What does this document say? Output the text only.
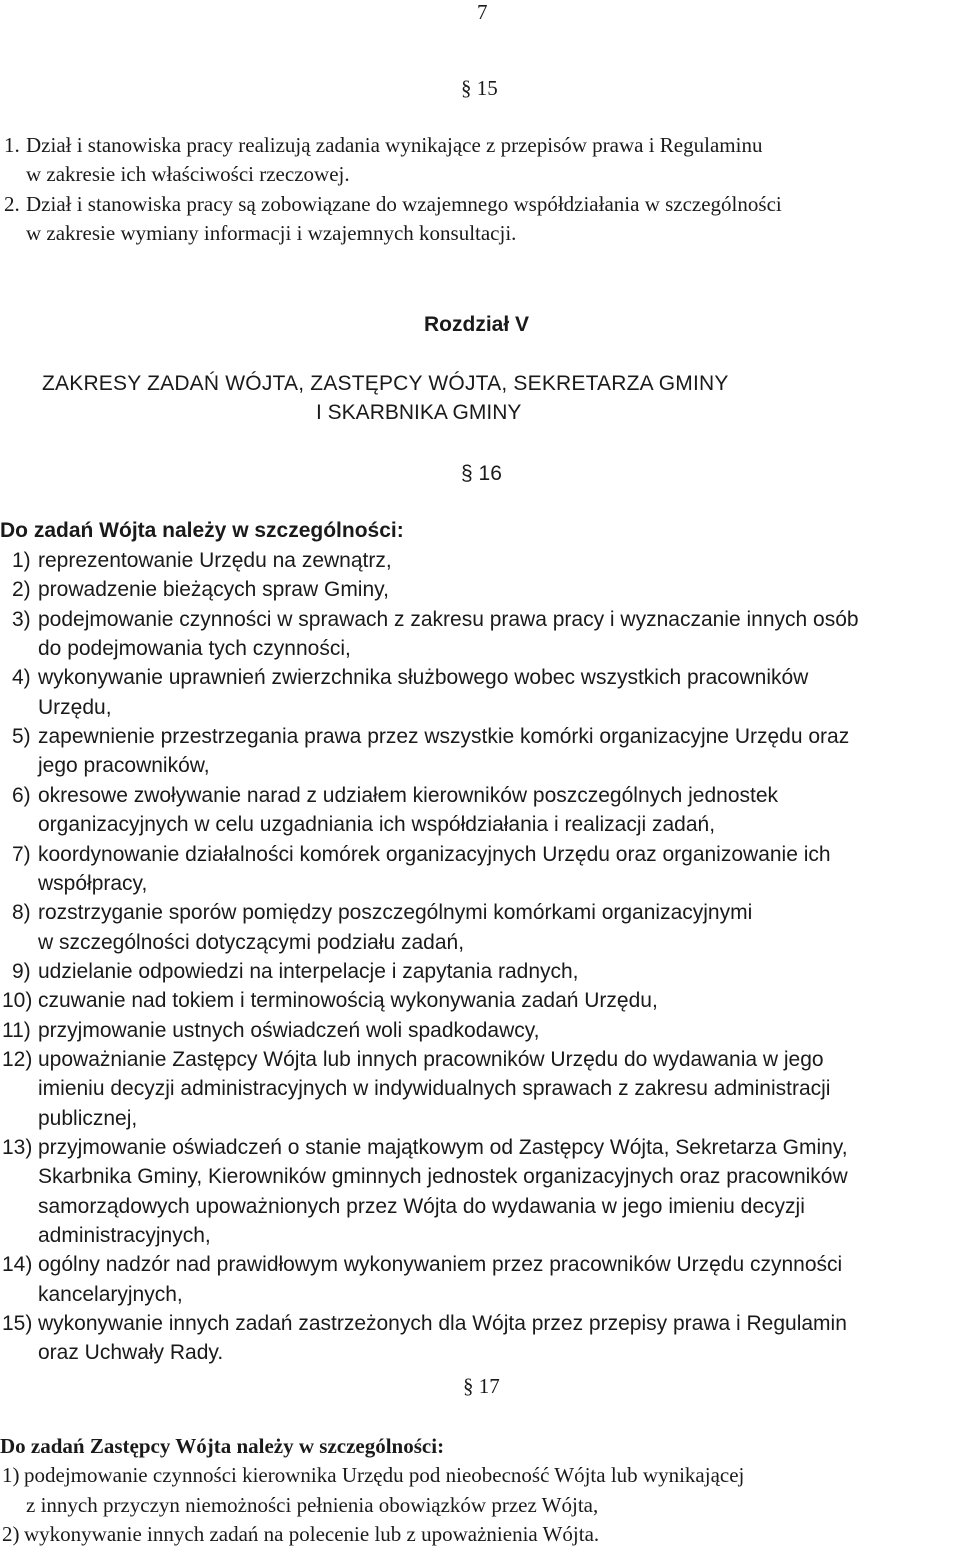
7
§ 15
1. Dział i stanowiska pracy realizują zadania wynikające z przepisów prawa i Regulaminu
w zakresie ich właściwości rzeczowej.
2. Dział i stanowiska pracy są zobowiązane do wzajemnego współdziałania w szczególności
w zakresie wymiany informacji i wzajemnych konsultacji.
Rozdział V
ZAKRESY ZADAŃ WÓJTA, ZASTĘPCY WÓJTA, SEKRETARZA GMINY
I SKARBNIKA GMINY
§ 16
Do zadań Wójta należy w szczególności:
1) reprezentowanie Urzędu na zewnątrz,
2) prowadzenie bieżących spraw Gminy,
3) podejmowanie czynności w sprawach z zakresu prawa pracy i wyznaczanie innych osób
do podejmowania tych czynności,
4) wykonywanie uprawnień zwierzchnika służbowego wobec wszystkich pracowników
Urzędu,
5) zapewnienie przestrzegania prawa przez wszystkie komórki organizacyjne Urzędu oraz
jego pracowników,
6) okresowe zwoływanie narad z udziałem kierowników poszczególnych jednostek
organizacyjnych w celu uzgadniania ich współdziałania i realizacji zadań,
7) koordynowanie działalności komórek organizacyjnych Urzędu oraz organizowanie ich
współpracy,
8) rozstrzyganie sporów pomiędzy poszczególnymi komórkami organizacyjnymi
w szczególności dotyczącymi podziału zadań,
9) udzielanie odpowiedzi na interpelacje i zapytania radnych,
10) czuwanie nad tokiem i terminowością wykonywania zadań Urzędu,
11) przyjmowanie ustnych oświadczeń woli spadkodawcy,
12) upoważnianie Zastępcy Wójta lub innych pracowników Urzędu do wydawania w jego
imieniu decyzji administracyjnych w indywidualnych sprawach z zakresu administracji
publicznej,
13) przyjmowanie oświadczeń o stanie majątkowym od Zastępcy Wójta, Sekretarza Gminy,
Skarbnika Gminy, Kierowników gminnych jednostek organizacyjnych oraz pracowników
samorządowych upoważnionych przez Wójta do wydawania w jego imieniu decyzji
administracyjnych,
14) ogólny nadzór nad prawidłowym wykonywaniem przez pracowników Urzędu czynności
kancelaryjnych,
15) wykonywanie innych zadań zastrzeżonych dla Wójta przez przepisy prawa i Regulamin
oraz Uchwały Rady.
§ 17
Do zadań Zastępcy Wójta należy w szczególności:
1) podejmowanie czynności kierownika Urzędu pod nieobecność Wójta lub wynikającej
z innych przyczyn niemożności pełnienia obowiązków przez Wójta,
2) wykonywanie innych zadań na polecenie lub z upoważnienia Wójta.
